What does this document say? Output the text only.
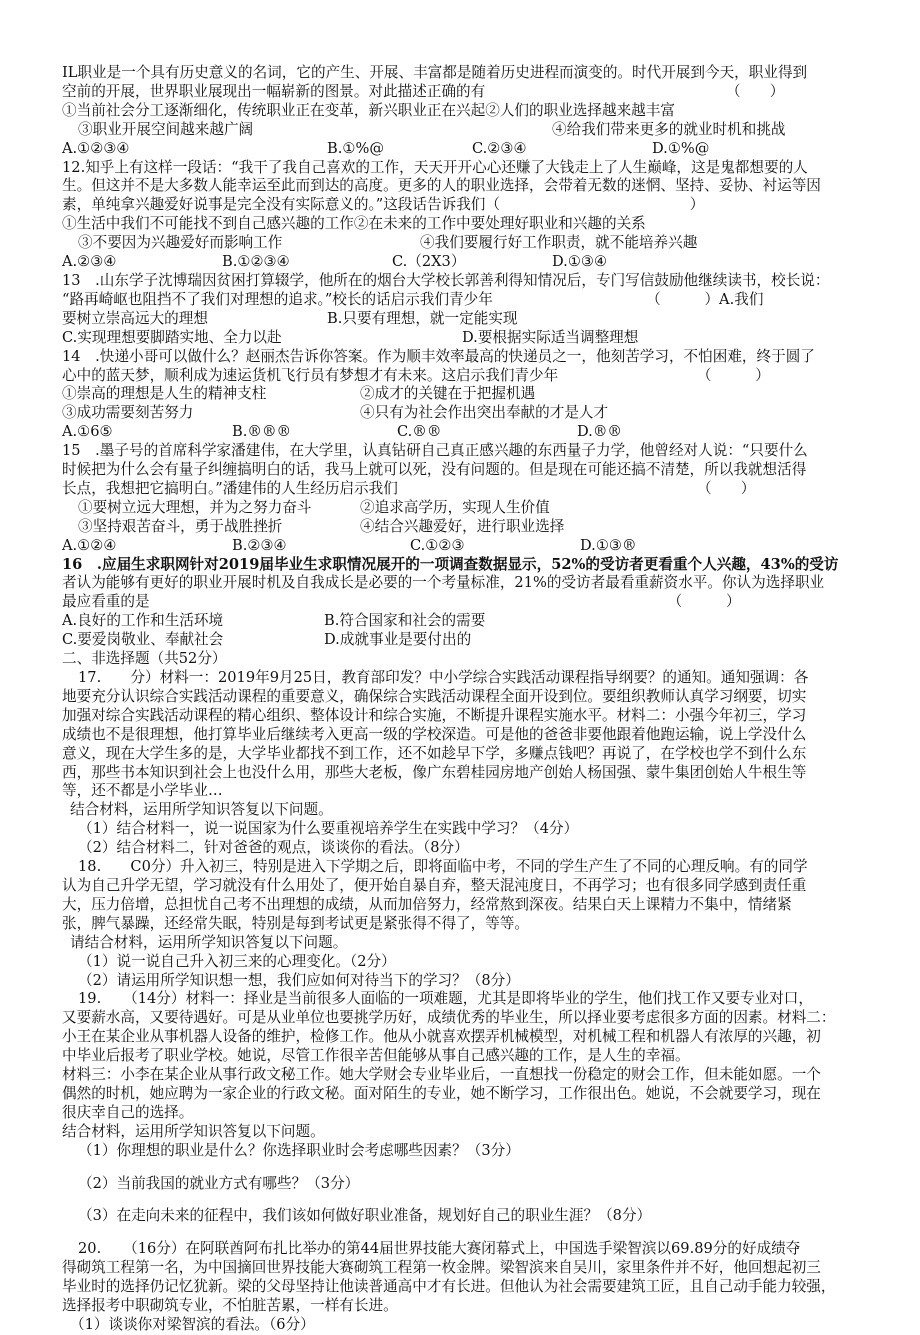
IL职业是一个具有历史意义的名词，它的产生、开展、丰富都是随着历史进程而演变的。时代开展到今天，职业得到
空前的开展，世界职业展现出一幅崭新的图景。对此描述正确的有　　　　　　　　　　　　　　　　　（　　）
①当前社会分工逐渐细化，传统职业正在变革，新兴职业正在兴起②人们的职业选择越来越丰富
③职业开展空间越来越广阔	④给我们带来更多的就业时机和挑战
A.①②③④	B.①%@	C.②③④	D.①%@
12.知乎上有这样一段话：“我干了我自己喜欢的工作，天天开开心心还赚了大钱走上了人生巅峰，这是鬼都想要的人
生。但这并不是大多数人能幸运至此而到达的高度。更多的人的职业选择，会带着无数的迷惘、坚持、妥协、衬运等因
素，单纯拿兴趣爱好说事是完全没有实际意义的。”这段话告诉我们（　　　　　　　　　　　　　）
①生活中我们不可能找不到自己感兴趣的工作②在未来的工作中要处理好职业和兴趣的关系
③不要因为兴趣爱好而影响工作	④我们要履行好工作职责，就不能培养兴趣
A.②③④	B.①②③④	C.（2X3）	D.①③④
13　.山东学子沈博瑞因贫困打算辍学，他所在的烟台大学校长郭善利得知情况后，专门写信鼓励他继续读书，校长说：
“路再崎岖也阻挡不了我们对理想的追求。”校长的话启示我们青少年　　　　　　　　　　　（　　　）A.我们
要树立崇高远大的理想	B.只要有理想，就一定能实现
C.实现理想要脚踏实地、全力以赴	D.要根据实际适当调整理想
14　.快递小哥可以做什么？赵丽杰告诉你答案。作为顺丰效率最高的快递员之一，他刻苦学习，不怕困难，终于圆了
心中的蓝天梦，顺利成为速运货机飞行员有梦想才有未来。这启示我们青少年　　　　　　　　　　（　　　）
①崇高的理想是人生的精神支柱	②成才的关键在于把握机遇
③成功需要刻苦努力	④只有为社会作出突出奉献的才是人才
A.①6⑤	B.®®®	C.®®	D.®®
15　.墨子号的首席科学家潘建伟，在大学里，认真钻研自己真正感兴趣的东西量子力学，他曾经对人说：“只要什么
时候把为什么会有量子纠缠搞明白的话，我马上就可以死，没有问题的。但是现在可能还搞不清楚，所以我就想活得
长点，我想把它搞明白。”潘建伟的人生经历启示我们　　　　　　　　　　　　　　　　　　　　　（　　）
①要树立远大理想，并为之努力奋斗	②追求高学历，实现人生价值
③坚持艰苦奋斗，勇于战胜挫折	④结合兴趣爱好，进行职业选择
A.①②④	B.②③④	C.①②③	D.①③®
16　.应届生求职网针对2019届毕业生求职情况展开的一项调查数据显示，52%的受访者更看重个人兴趣，43%的受访
者认为能够有更好的职业开展时机及自我成长是必要的一个考量标准，21%的受访者最看重薪资水平。你认为选择职业
最应看重的是　　　　　　　　　　　　　　　　　　　　　　　　　　　　　　　　　　　　（　　　）
A.良好的工作和生活环境	B.符合国家和社会的需要
C.要爱岗敬业、奉献社会	D.成就事业是要付出的
二、非选择题（共52分）
17.　　分）材料一：2019年9月25日，教育部印发？中小学综合实践活动课程指导纲要？的通知。通知强调：各
地要充分认识综合实践活动课程的重要意义，确保综合实践活动课程全面开设到位。要组织教师认真学习纲要，切实
加强对综合实践活动课程的精心组织、整体设计和综合实施，不断提升课程实施水平。材料二：小强今年初三，学习
成绩也不是很理想，他打算毕业后继续考入更高一级的学校深造。可是他的爸爸非要他跟着他跑运输，说上学没什么
意义，现在大学生多的是，大学毕业都找不到工作，还不如趁早下学，多赚点钱吧？再说了，在学校也学不到什么东
西，那些书本知识到社会上也没什么用，那些大老板，像广东碧桂园房地产创始人杨国强、蒙牛集团创始人牛根生等
等，还不都是小学毕业…
结合材料，运用所学知识答复以下问题。
（1）结合材料一，说一说国家为什么要重视培养学生在实践中学习？（4分）
（2）结合材料二，针对爸爸的观点，谈谈你的看法。（8分）
18.　　C0分）升入初三，特别是进入下学期之后，即将面临中考，不同的学生产生了不同的心理反响。有的同学
认为自己升学无望，学习就没有什么用处了，便开始自暴自弃，整天混沌度日，不再学习；也有很多同学感到责任重
大，压力倍增，总担忧自己考不出理想的成绩，从而加倍努力，经常熬到深夜。结果白天上课精力不集中，情绪紧
张，脾气暴躁，还经常失眠，特别是每到考试更是紧张得不得了，等等。
请结合材料，运用所学知识答复以下问题。
（1）说一说自己升入初三来的心理变化。（2分）
（2）请运用所学知识想一想，我们应如何对待当下的学习？（8分）
19.　　（14分）材料一：择业是当前很多人面临的一项难题，尤其是即将毕业的学生，他们找工作又要专业对口，
又要薪水高，又要待遇好。可是从业单位也要挑学历好，成绩优秀的毕业生，所以择业要考虑很多方面的因素。材料二：
小王在某企业从事机器人设备的维护，检修工作。他从小就喜欢摆弄机械模型，对机械工程和机器人有浓厚的兴趣，初
中毕业后报考了职业学校。她说，尽管工作很辛苦但能够从事自己感兴趣的工作，是人生的幸福。
材料三：小李在某企业从事行政文秘工作。她大学财会专业毕业后，一直想找一份稳定的财会工作，但未能如愿。一个
偶然的时机，她应聘为一家企业的行政文秘。面对陌生的专业，她不断学习，工作很出色。她说，不会就要学习，现在
很庆幸自己的选择。
结合材料，运用所学知识答复以下问题。
（1）你理想的职业是什么？你选择职业时会考虑哪些因素？（3分）
（2）当前我国的就业方式有哪些？（3分）
（3）在走向未来的征程中，我们该如何做好职业准备，规划好自己的职业生涯？（8分）
20.　　（16分）在阿联酋阿布扎比举办的第44届世界技能大赛闭幕式上，中国选手梁智滨以69.89分的好成绩夺
得砌筑工程第一名，为中国摘回世界技能大赛砌筑工程第一枚金牌。梁智滨来自吴川，家里条件并不好，他回想起初三
毕业时的选择仍记忆犹新。梁的父母坚持让他读普通高中才有长进。但他认为社会需要建筑工匠，且自己动手能力较强，
选择报考中职砌筑专业，不怕脏苦累，一样有长进。
（1）谈谈你对梁智滨的看法。（6分）
